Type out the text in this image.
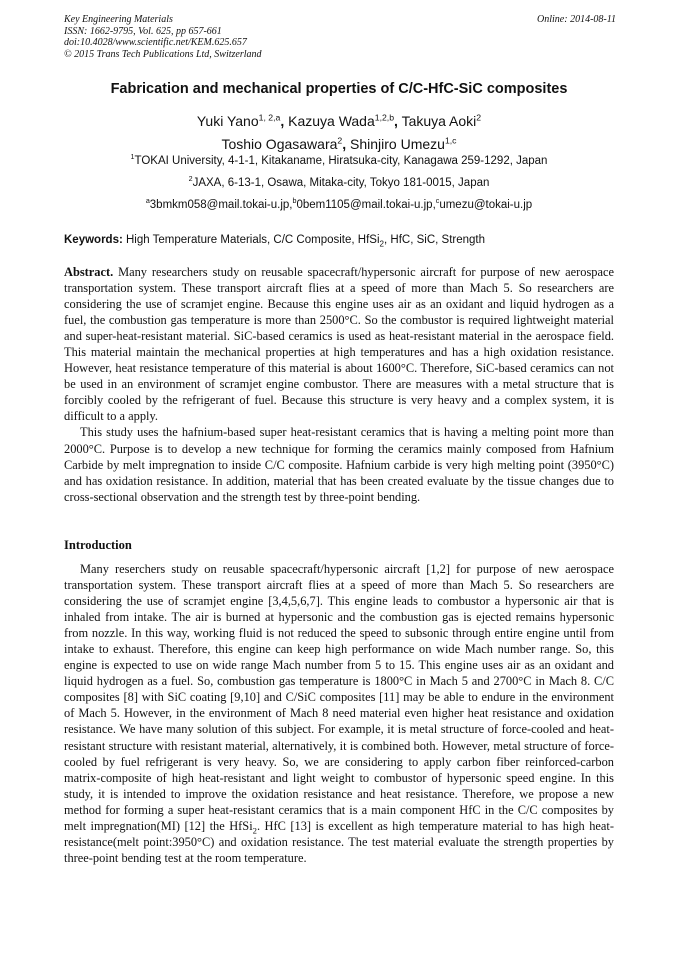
Key Engineering Materials
ISSN: 1662-9795, Vol. 625, pp 657-661
doi:10.4028/www.scientific.net/KEM.625.657
© 2015 Trans Tech Publications Ltd, Switzerland
Online: 2014-08-11
Fabrication and mechanical properties of C/C-HfC-SiC composites
Yuki Yano$^{1, 2,a}$, Kazuya Wada$^{1,2,b}$, Takuya Aoki$^2$
Toshio Ogasawara$^2$, Shinjiro Umezu$^{1,c}$
$^1$TOKAI University, 4-1-1, Kitakaname, Hiratsuka-city, Kanagawa 259-1292, Japan
$^2$JAXA, 6-13-1, Osawa, Mitaka-city, Tokyo 181-0015, Japan
$^a$3bmkm058@mail.tokai-u.jp,$^b$0bem1105@mail.tokai-u.jp,$^c$umezu@tokai-u.jp
Keywords: High Temperature Materials, C/C Composite, HfSi$_2$, HfC, SiC, Strength
Abstract. Many researchers study on reusable spacecraft/hypersonic aircraft for purpose of new aerospace transportation system. These transport aircraft flies at a speed of more than Mach 5. So researchers are considering the use of scramjet engine. Because this engine uses air as an oxidant and liquid hydrogen as a fuel, the combustion gas temperature is more than 2500°C. So the combustor is required lightweight material and super-heat-resistant material. SiC-based ceramics is used as heat-resistant material in the aerospace field. This material maintain the mechanical properties at high temperatures and has a high oxidation resistance. However, heat resistance temperature of this material is about 1600°C. Therefore, SiC-based ceramics can not be used in an environment of scramjet engine combustor. There are measures with a metal structure that is forcibly cooled by the refrigerant of fuel. Because this structure is very heavy and a complex system, it is difficult to a apply.
This study uses the hafnium-based super heat-resistant ceramics that is having a melting point more than 2000°C. Purpose is to develop a new technique for forming the ceramics mainly composed from Hafnium Carbide by melt impregnation to inside C/C composite. Hafnium carbide is very high melting point (3950°C) and has oxidation resistance. In addition, material that has been created evaluate by the tissue changes due to cross-sectional observation and the strength test by three-point bending.
Introduction
Many reserchers study on reusable spacecraft/hypersonic aircraft [1,2] for purpose of new aerospace transportation system. These transport aircraft flies at a speed of more than Mach 5. So researchers are considering the use of scramjet engine [3,4,5,6,7]. This engine leads to combustor a hypersonic air that is inhaled from intake. The air is burned at hypersonic and the combustion gas is ejected remains hypersonic from nozzle. In this way, working fluid is not reduced the speed to subsonic through entire engine until from intake to exhaust. Therefore, this engine can keep high performance on wide Mach number range. So, this engine is expected to use on wide range Mach number from 5 to 15. This engine uses air as an oxidant and liquid hydrogen as a fuel. So, combustion gas temperature is 1800°C in Mach 5 and 2700°C in Mach 8. C/C composites [8] with SiC coating [9,10] and C/SiC composites [11] may be able to endure in the environment of Mach 5. However, in the environment of Mach 8 need material even higher heat resistance and oxidation resistance. We have many solution of this subject. For example, it is metal structure of force-cooled and heat-resistant structure with resistant material, alternatively, it is combined both. However, metal structure of force-cooled by fuel refrigerant is very heavy. So, we are considering to apply carbon fiber reinforced-carbon matrix-composite of high heat-resistant and light weight to combustor of hypersonic speed engine. In this study, it is intended to improve the oxidation resistance and heat resistance. Therefore, we propose a new method for forming a super heat-resistant ceramics that is a main component HfC in the C/C composites by melt impregnation(MI) [12] the HfSi$_2$. HfC [13] is excellent as high temperature material to has high heat-resistance(melt point:3950°C) and oxidation resistance. The test material evaluate the strength properties by three-point bending test at the room temperature.
